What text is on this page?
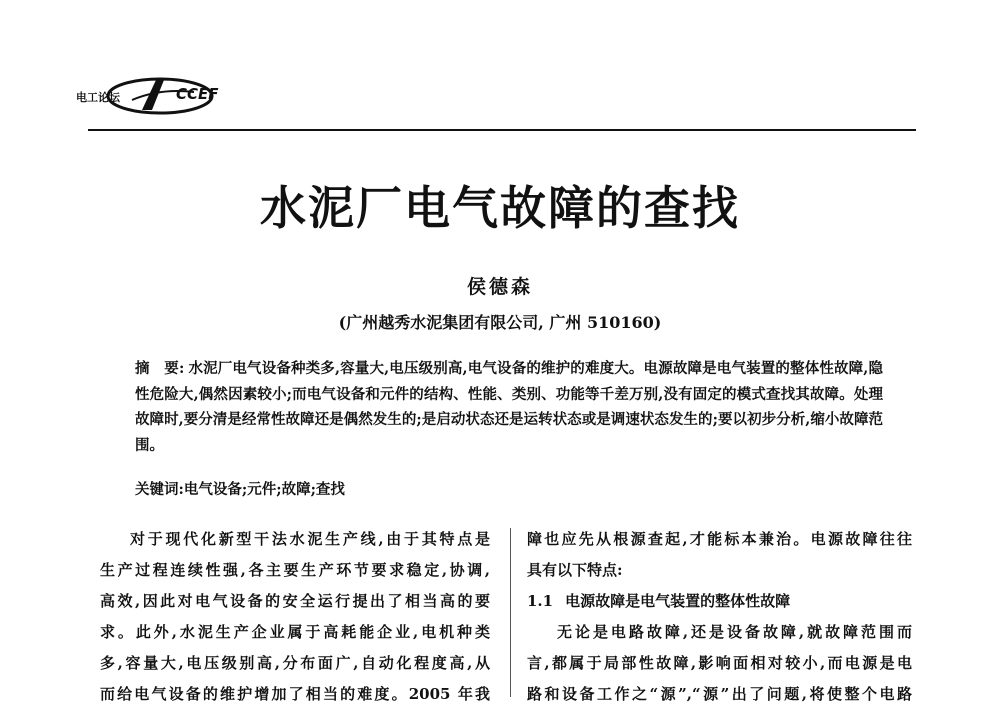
电工论坛	CCEF
水泥厂电气故障的查找
侯德森
(广州越秀水泥集团有限公司, 广州 510160)
摘　要: 水泥厂电气设备种类多,容量大,电压级别高,电气设备的维护的难度大。电源故障是电气装置的整体性故障,隐性危险大,偶然因素较小;而电气设备和元件的结构、性能、类别、功能等千差万别,没有固定的模式查找其故障。处理故障时,要分清是经常性故障还是偶然发生的;是启动状态还是运转状态或是调速状态发生的;要以初步分析,缩小故障范围。
关键词:电气设备;元件;故障;查找
对于现代化新型干法水泥生产线,由于其特点是
生产过程连续性强,各主要生产环节要求稳定,协调,
高效,因此对电气设备的安全运行提出了相当高的要
求。此外,水泥生产企业属于高耗能企业,电机种类
多,容量大,电压级别高,分布面广,自动化程度高,从
而给电气设备的维护增加了相当的难度。2005 年我
障也应先从根源查起,才能标本兼治。电源故障往往
具有以下特点:
1.1 电源故障是电气装置的整体性故障
无论是电路故障,还是设备故障,就故障范围而
言,都属于局部性故障,影响面相对较小,而电源是电
路和设备工作之“源”,“源”出了问题,将使整个电路
